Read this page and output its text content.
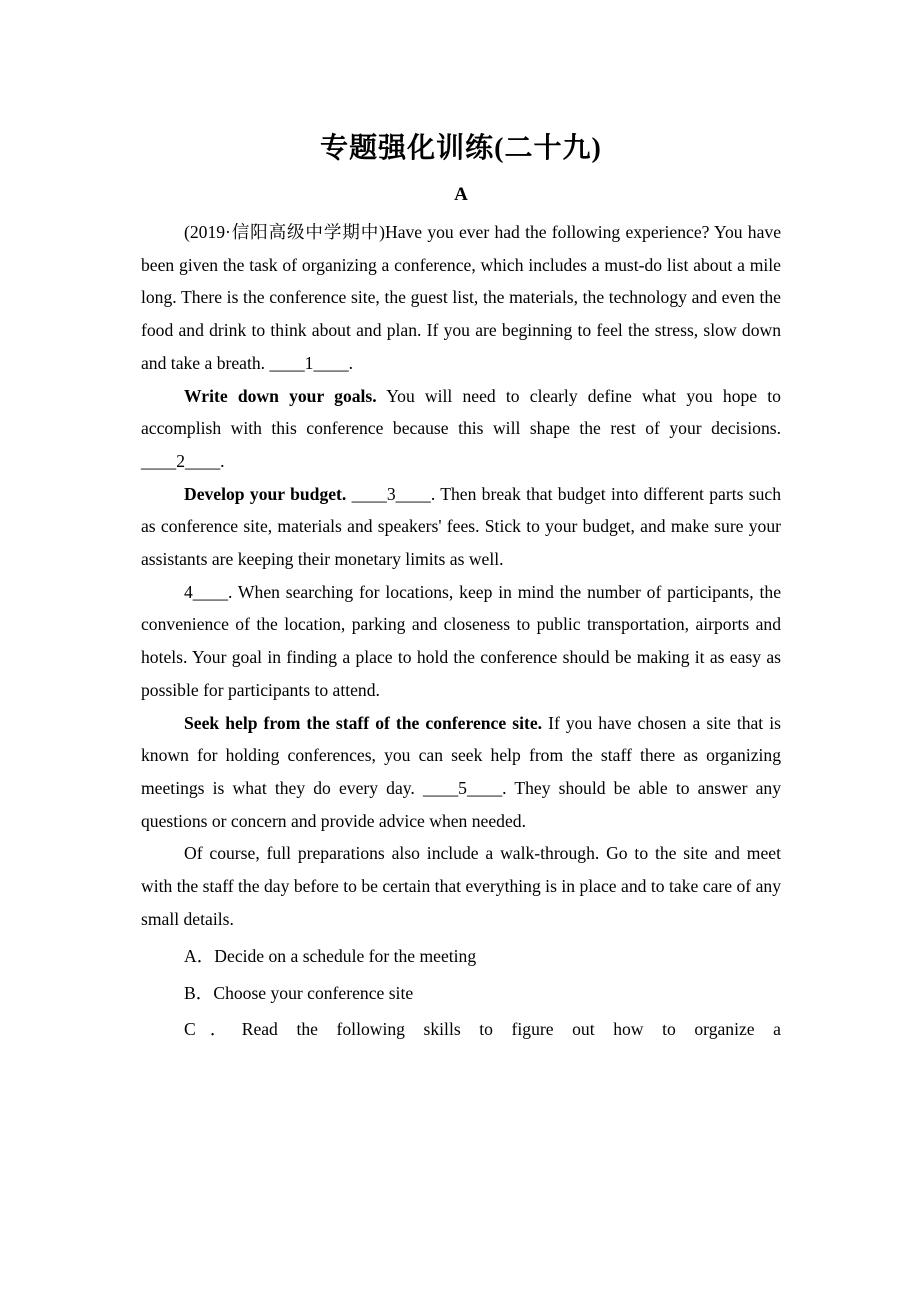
专题强化训练(二十九)
A

(2019·信阳高级中学期中)Have you ever had the following experience? You have been given the task of organizing a conference, which includes a must-do list about a mile long. There is the conference site, the guest list, the materials, the technology and even the food and drink to think about and plan. If you are beginning to feel the stress, slow down and take a breath. ____1____.

Write down your goals. You will need to clearly define what you hope to accomplish with this conference because this will shape the rest of your decisions. ____2____.

Develop your budget. ____3____. Then break that budget into different parts such as conference site, materials and speakers' fees. Stick to your budget, and make sure your assistants are keeping their monetary limits as well.

4____. When searching for locations, keep in mind the number of participants, the convenience of the location, parking and closeness to public transportation, airports and hotels. Your goal in finding a place to hold the conference should be making it as easy as possible for participants to attend.

Seek help from the staff of the conference site. If you have chosen a site that is known for holding conferences, you can seek help from the staff there as organizing meetings is what they do every day. ____5____. They should be able to answer any questions or concern and provide advice when needed.

Of course, full preparations also include a walk-through. Go to the site and meet with the staff the day before to be certain that everything is in place and to take care of any small details.

A．Decide on a schedule for the meeting

B．Choose your conference site

C．Read the following skills to figure out how to organize a
